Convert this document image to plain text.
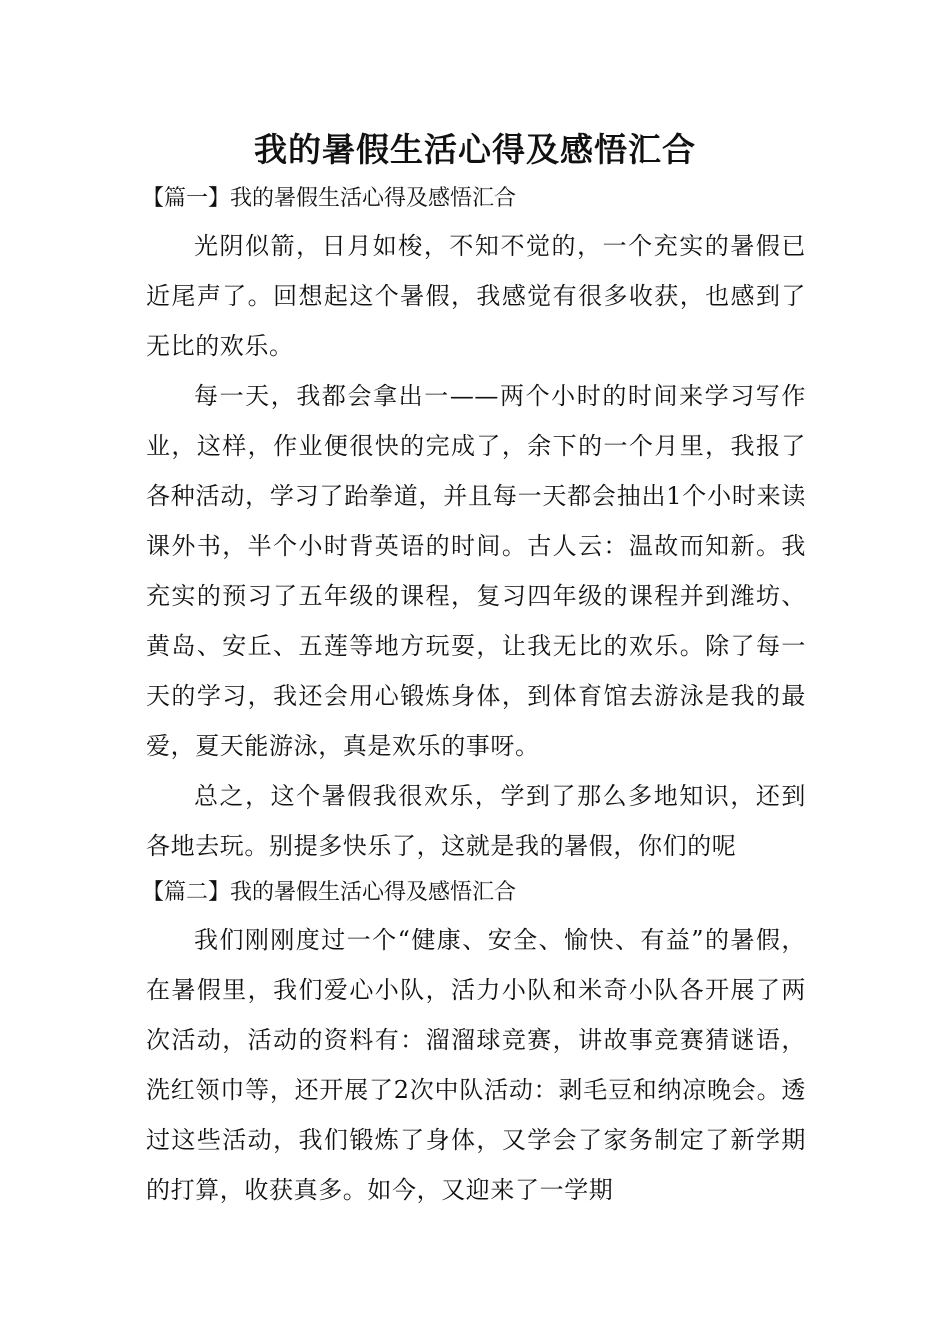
我的暑假生活心得及感悟汇合
【篇一】我的暑假生活心得及感悟汇合

光阴似箭，日月如梭，不知不觉的，一个充实的暑假已近尾声了。回想起这个暑假，我感觉有很多收获，也感到了无比的欢乐。

每一天，我都会拿出一——两个小时的时间来学习写作业，这样，作业便很快的完成了，余下的一个月里，我报了各种活动，学习了跆拳道，并且每一天都会抽出1个小时来读课外书，半个小时背英语的时间。古人云：温故而知新。我充实的预习了五年级的课程，复习四年级的课程并到潍坊、黄岛、安丘、五莲等地方玩耍，让我无比的欢乐。除了每一天的学习，我还会用心锻炼身体，到体育馆去游泳是我的最爱，夏天能游泳，真是欢乐的事呀。

总之，这个暑假我很欢乐，学到了那么多地知识，还到各地去玩。别提多快乐了，这就是我的暑假，你们的呢

【篇二】我的暑假生活心得及感悟汇合

我们刚刚度过一个“健康、安全、愉快、有益”的暑假，在暑假里，我们爱心小队，活力小队和米奇小队各开展了两次活动，活动的资料有：溜溜球竞赛，讲故事竞赛猜谜语，洗红领巾等，还开展了2次中队活动：剥毛豆和纳凉晚会。透过这些活动，我们锻炼了身体，又学会了家务制定了新学期的打算，收获真多。如今，又迎来了一学期
